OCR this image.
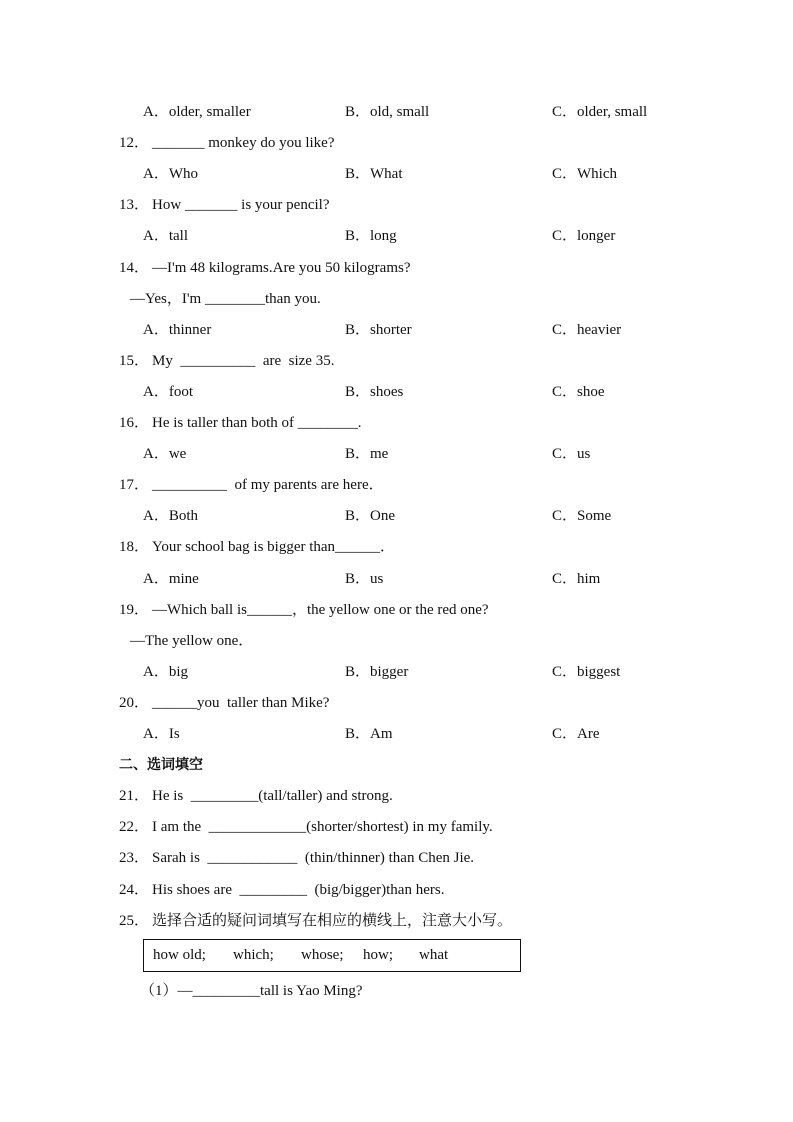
A．older, smaller	B．old, small	C．older, small
12． _______ monkey do you like?
A．Who	B．What	C．Which
13． How _______ is your pencil?
A．tall	B．long	C．longer
14． —I'm 48 kilograms.Are you 50 kilograms?
—Yes，I'm ________than you.
A．thinner	B．shorter	C．heavier
15． My  __________  are  size 35.
A．foot	B．shoes	C．shoe
16． He is taller than both of ________.
A．we	B．me	C．us
17． __________  of my parents are here．
A．Both	B．One	C．Some
18． Your school bag is bigger than______．
A．mine	B．us	C．him
19． —Which ball is______，the yellow one or the red one?
—The yellow one．
A．big	B．bigger	C．biggest
20． ______you  taller than Mike?
A．Is	B．Am	C．Are
二、选词填空
21． He is  _________(tall/taller) and strong.
22． I am the  _____________(shorter/shortest) in my family.
23． Sarah is  ____________  (thin/thinner) than Chen Jie.
24． His shoes are  _________  (big/bigger)than hers.
25． 选择合适的疑问词填写在相应的横线上，注意大小写。
how old; which; whose; how; what
（1）—_________tall is Yao Ming?
